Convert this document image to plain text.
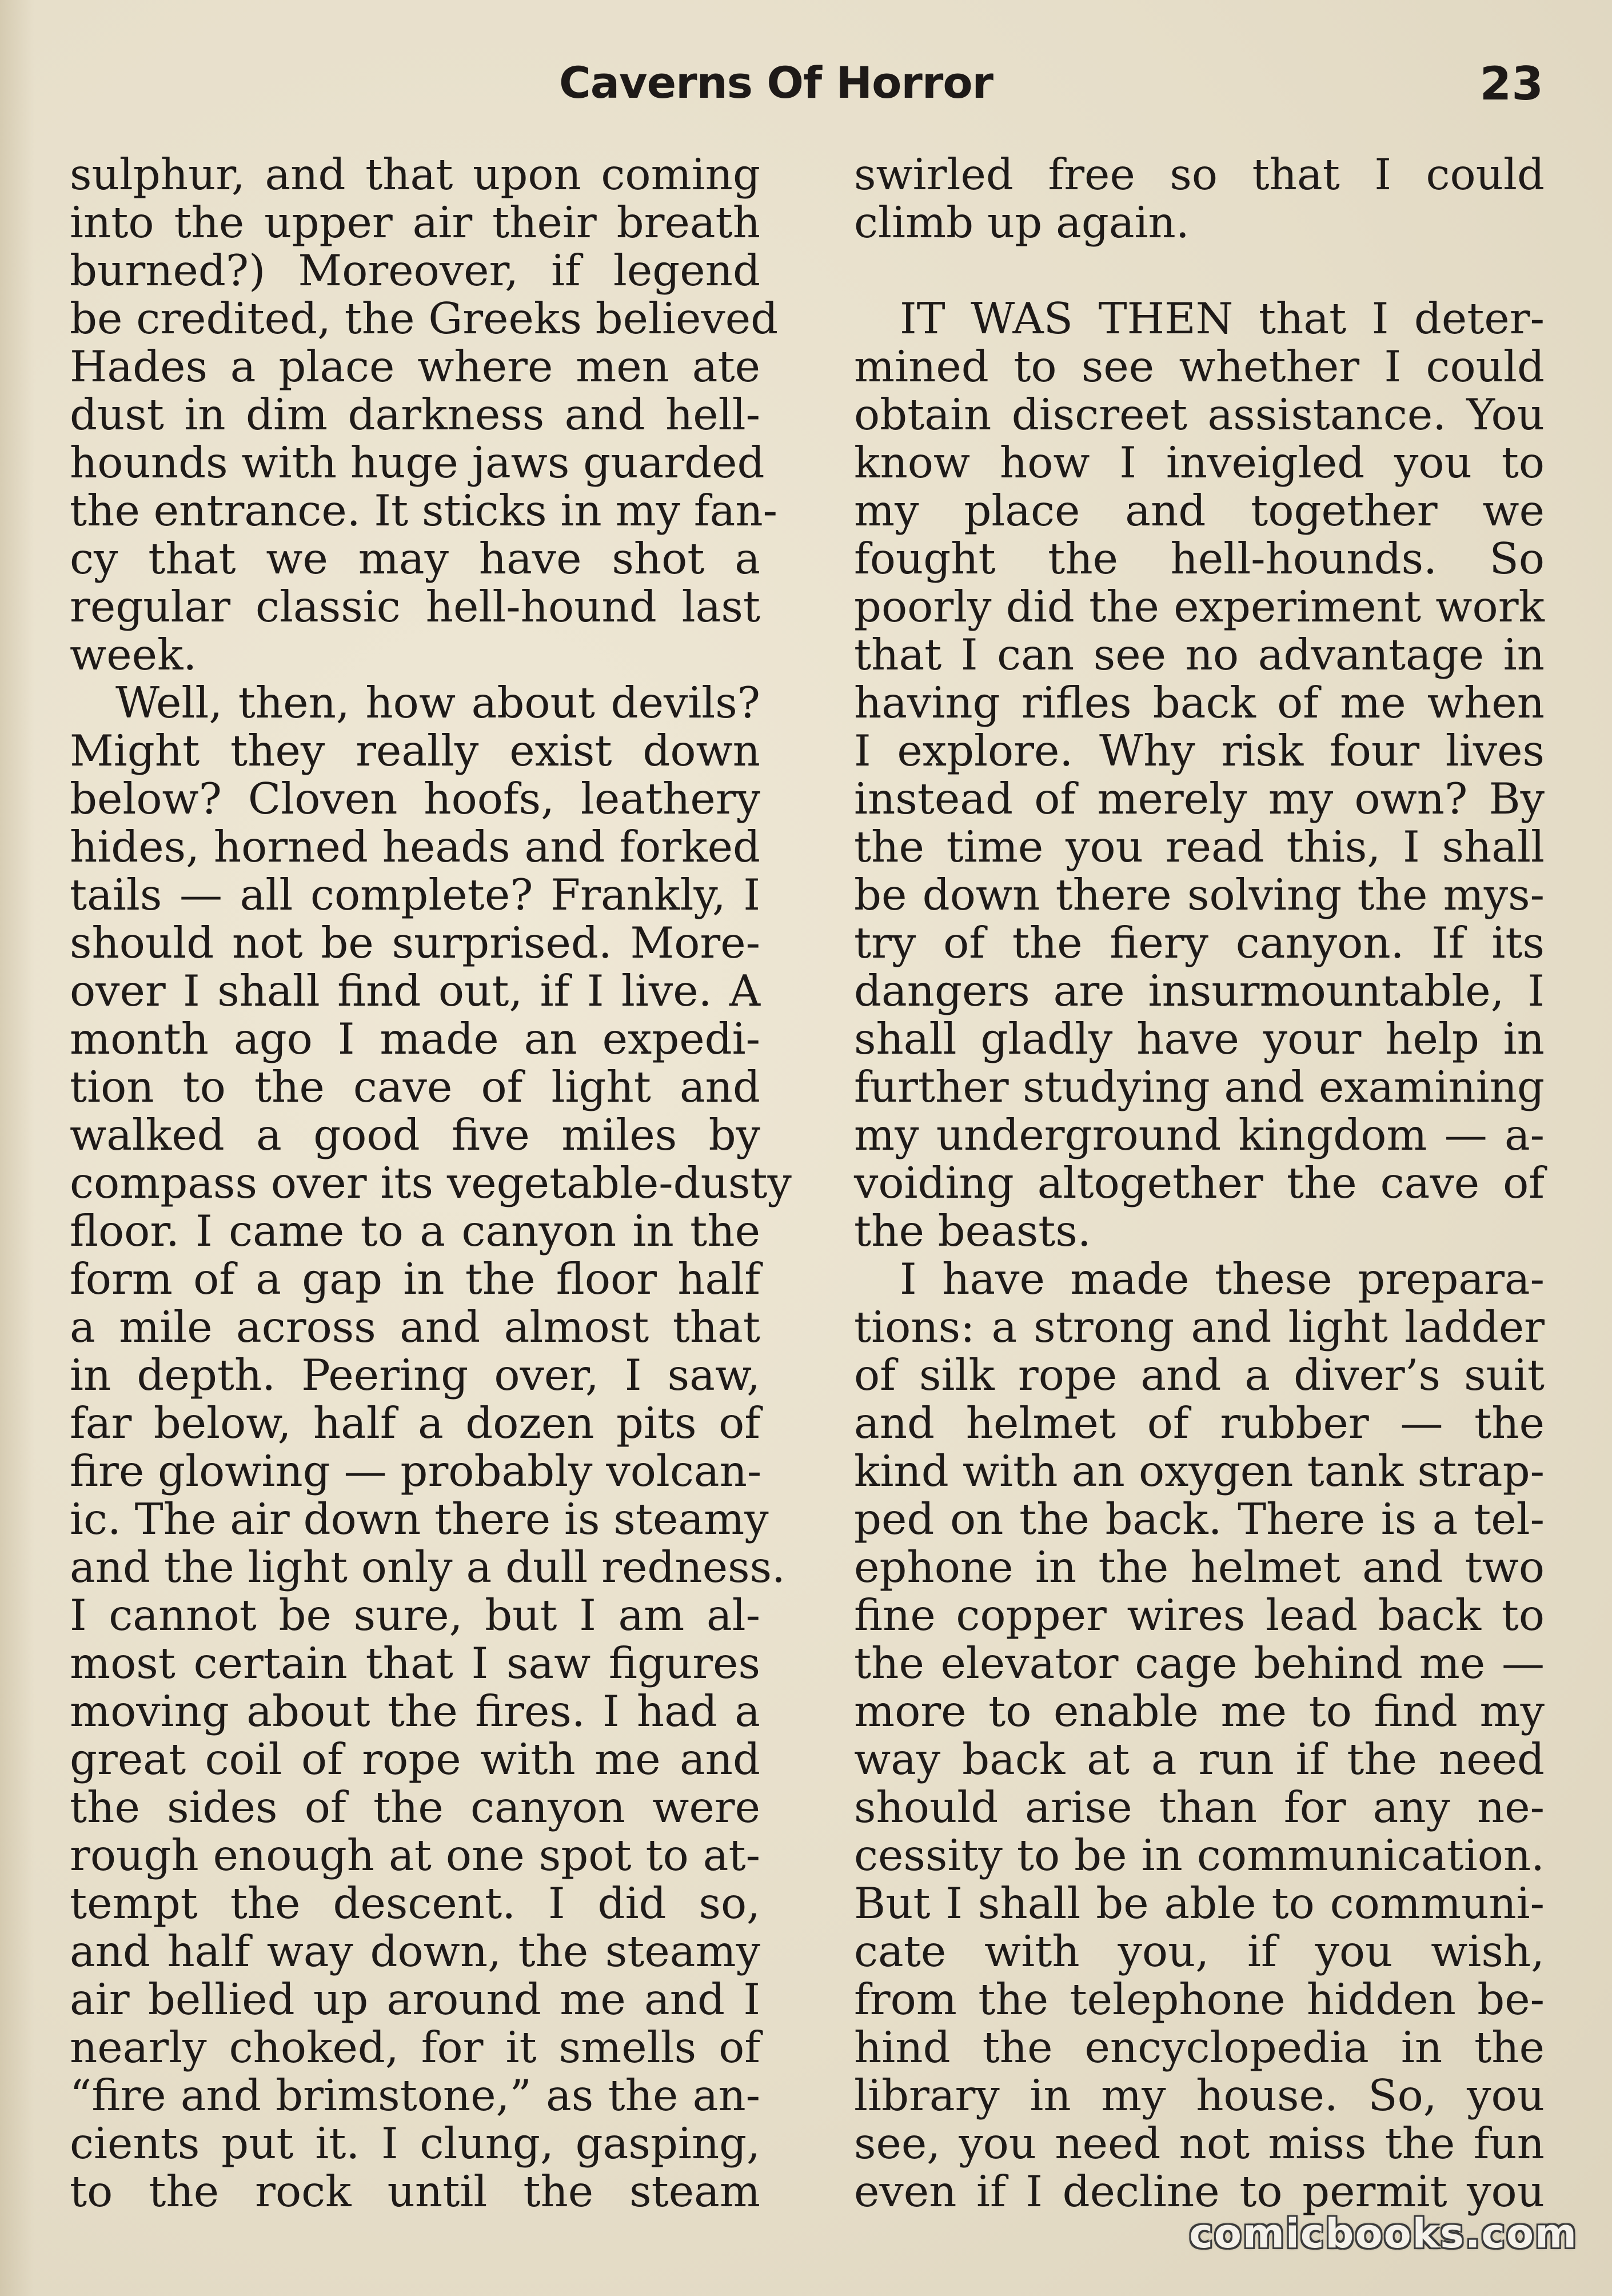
Caverns Of Horror	23
sulphur, and that upon coming
into the upper air their breath
burned?) Moreover, if legend
be credited, the Greeks believed
Hades a place where men ate
dust in dim darkness and hell-
hounds with huge jaws guarded
the entrance. It sticks in my fan-
cy that we may have shot a
regular classic hell-hound last
week.
Well, then, how about devils?
Might they really exist down
below? Cloven hoofs, leathery
hides, horned heads and forked
tails — all complete? Frankly, I
should not be surprised. More-
over I shall find out, if I live. A
month ago I made an expedi-
tion to the cave of light and
walked a good five miles by
compass over its vegetable-dusty
floor. I came to a canyon in the
form of a gap in the floor half
a mile across and almost that
in depth. Peering over, I saw,
far below, half a dozen pits of
fire glowing — probably volcan-
ic. The air down there is steamy
and the light only a dull redness.
I cannot be sure, but I am al-
most certain that I saw figures
moving about the fires. I had a
great coil of rope with me and
the sides of the canyon were
rough enough at one spot to at-
tempt the descent. I did so,
and half way down, the steamy
air bellied up around me and I
nearly choked, for it smells of
“fire and brimstone,” as the an-
cients put it. I clung, gasping,
to the rock until the steam
swirled free so that I could
climb up again.
IT WAS THEN that I deter-
mined to see whether I could
obtain discreet assistance. You
know how I inveigled you to
my place and together we
fought the hell-hounds. So
poorly did the experiment work
that I can see no advantage in
having rifles back of me when
I explore. Why risk four lives
instead of merely my own? By
the time you read this, I shall
be down there solving the mys-
try of the fiery canyon. If its
dangers are insurmountable, I
shall gladly have your help in
further studying and examining
my underground kingdom — a-
voiding altogether the cave of
the beasts.
I have made these prepara-
tions: a strong and light ladder
of silk rope and a diver’s suit
and helmet of rubber — the
kind with an oxygen tank strap-
ped on the back. There is a tel-
ephone in the helmet and two
fine copper wires lead back to
the elevator cage behind me —
more to enable me to find my
way back at a run if the need
should arise than for any ne-
cessity to be in communication.
But I shall be able to communi-
cate with you, if you wish,
from the telephone hidden be-
hind the encyclopedia in the
library in my house. So, you
see, you need not miss the fun
even if I decline to permit you
comicbooks.com
